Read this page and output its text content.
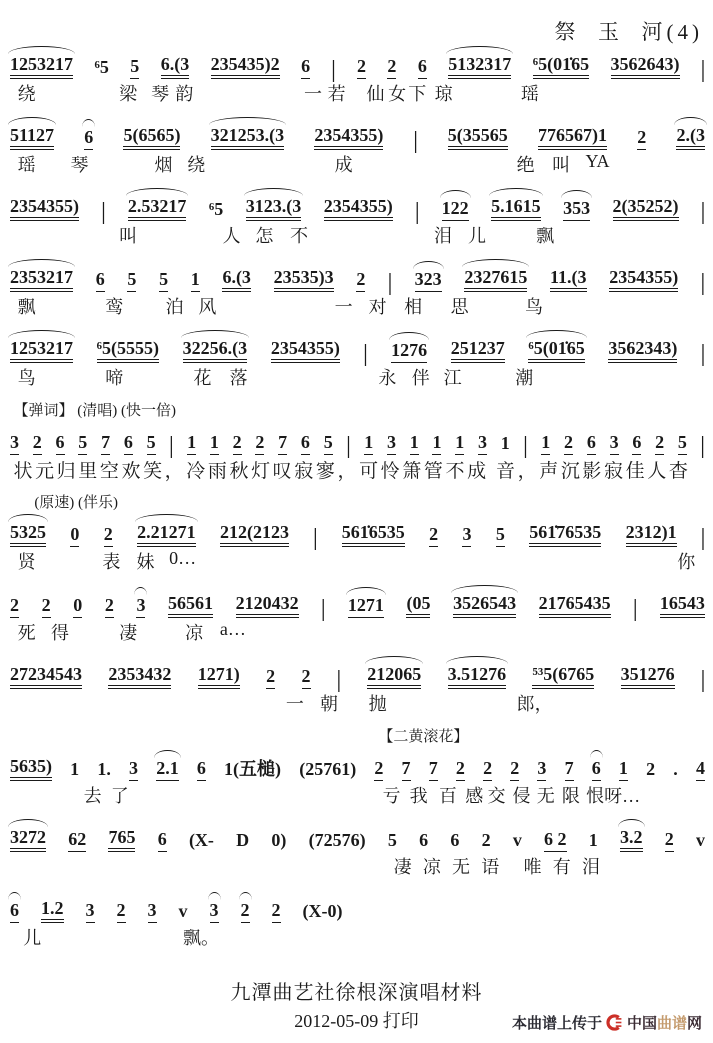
祭  玉  河(4)
1253217 ⁶5 5 6.(3 235435)2 6 | 2 2 6 5132317 ⁶5(01̇65 3562643) |
绕	梁 琴 韵	一 若 仙 女 下 琼	瑶
51127 6 5(6565) 321253.(3 2354355) | 5(35565 776567)1 2 2.(3
瑶 琴	烟 绕	成	绝 叫 YA
2354355) | 2.53217 ⁶5 3123.(3 2354355) | 122 5.1615 353 2(35252) |
叫	人 怎 不	泪 儿	飘
2353217 6 5 5 1 6.(3 23535)3 2 | 323 2327615 11.(3 2354355) |
飘	鸾 泊 风	一 对 相 思	鸟
1253217 ⁶5(5555) 32256.(3 2354355) | 1276 251237 ⁶5(01̇65 3562343) |
鸟	啼	花 落	永 伴 江	潮
【弹词】 (清唱) (快一倍)
3 2 6 5 7 6 5 | 1 1 2 2 7 6 5 | 1 3 1 1 1 3 1 | 1 2 6 3 6 2 5 |
状元归里空欢笑，冷雨秋灯叹寂寥，可怜箫管不成 音，声沉影寂佳人杳
(原速) (伴乐)
5325 0 2 2.21271 212(2123 | 561̇6535 2 3 5 561̇76535 2312)1 |
贤	表 妹 0…	你
2 2 0 2 3 56561 2120432 | 1271 (05 3526543 21765435 | 16543
死 得	凄	凉 a…
27234543 2353432 1271) 2 2 | 212065 3.51276 ⁵³5(6765 351276 |
一 朝 抛	郎，
【二黄滚花】
5635) 1 1. 3 2.1 6 1(五槌) (25761) 2 7 7 2 2 2 3 7 6 1 2 . 4
去 了	亏 我 百 感 交 侵 无 限 恨呀…
3272 62 765 6 (X- D 0) (72576) 5 6 6 2 v 6 2 1 3.2 2 v
凄 凉 无 语 唯 有 泪
6 1.2 3 2 3 v 3 2 2 (X-0)
儿	飘。
九潭曲艺社徐根深演唱材料
2012-05-09 打印	本曲谱上传于 中国曲谱网
